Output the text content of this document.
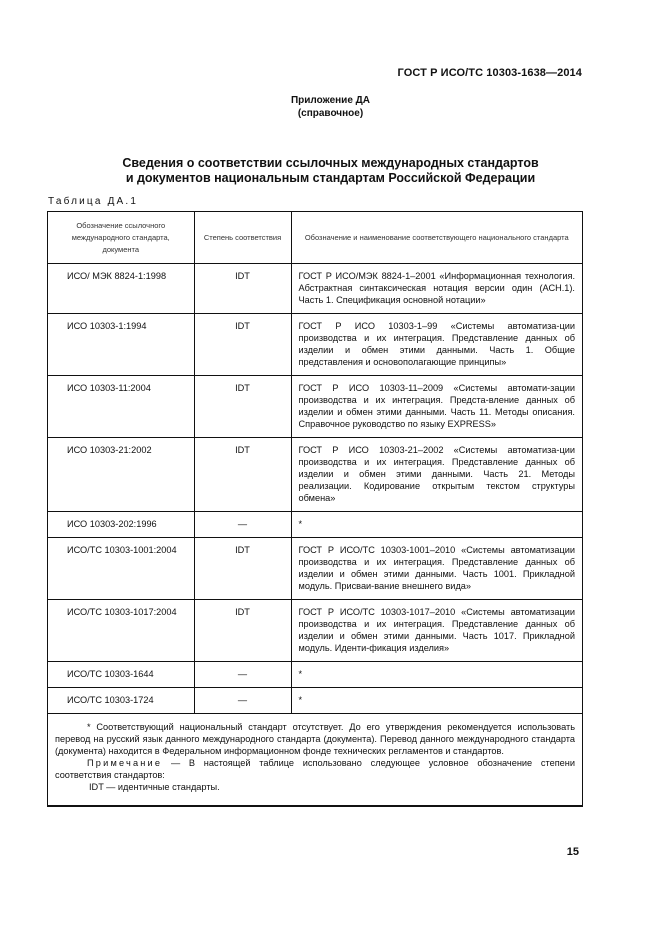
ГОСТ Р ИСО/ТС 10303-1638—2014
Приложение ДА
(справочное)
Сведения о соответствии ссылочных международных стандартов
и документов национальным стандартам Российской Федерации
Таблица ДА.1
Обозначение ссылочного международного стандарта, документа	Степень соответствия	Обозначение и наименование соответствующего национального стандарта
ИСО/ МЭК 8824-1:1998	IDT	ГОСТ Р ИСО/МЭК 8824-1–2001 «Информационная технология. Абстрактная синтаксическая нотация версии один (АСН.1). Часть 1. Спецификация основной нотации»
ИСО 10303-1:1994	IDT	ГОСТ Р ИСО 10303-1–99 «Системы автоматиза-ции производства и их интеграция. Представление данных об изделии и обмен этими данными. Часть 1. Общие представления и основополагающие принципы»
ИСО 10303-11:2004	IDT	ГОСТ Р ИСО 10303-11–2009 «Системы автомати-зации производства и их интеграция. Предста-вление данных об изделии и обмен этими данными. Часть 11. Методы описания. Справочное руководство по языку EXPRESS»
ИСО 10303-21:2002	IDT	ГОСТ Р ИСО 10303-21–2002 «Системы автоматиза-ции производства и их интеграция. Представление данных об изделии и обмен этими данными. Часть 21. Методы реализации. Кодирование открытым текстом структуры обмена»
ИСО 10303-202:1996	—	*
ИСО/ТС 10303-1001:2004	IDT	ГОСТ Р ИСО/ТС 10303-1001–2010 «Системы автоматизации производства и их интеграция. Представление данных об изделии и обмен этими данными. Часть 1001. Прикладной модуль. Присваи-вание внешнего вида»
ИСО/ТС 10303-1017:2004	IDT	ГОСТ Р ИСО/ТС 10303-1017–2010 «Системы автоматизации производства и их интеграция. Представление данных об изделии и обмен этими данными. Часть 1017. Прикладной модуль. Иденти-фикация изделия»
ИСО/ТС 10303-1644	—	*
ИСО/ТС 10303-1724	—	*

* Соответствующий национальный стандарт отсутствует. До его утверждения рекомендуется использовать перевод на русский язык данного международного стандарта (документа). Перевод данного международного стандарта (документа) находится в Федеральном информационном фонде технических регламентов и стандартов.

Примечание — В настоящей таблице использовано следующее условное обозначение степени соответствия стандартов:

IDT — идентичные стандарты.		

15
